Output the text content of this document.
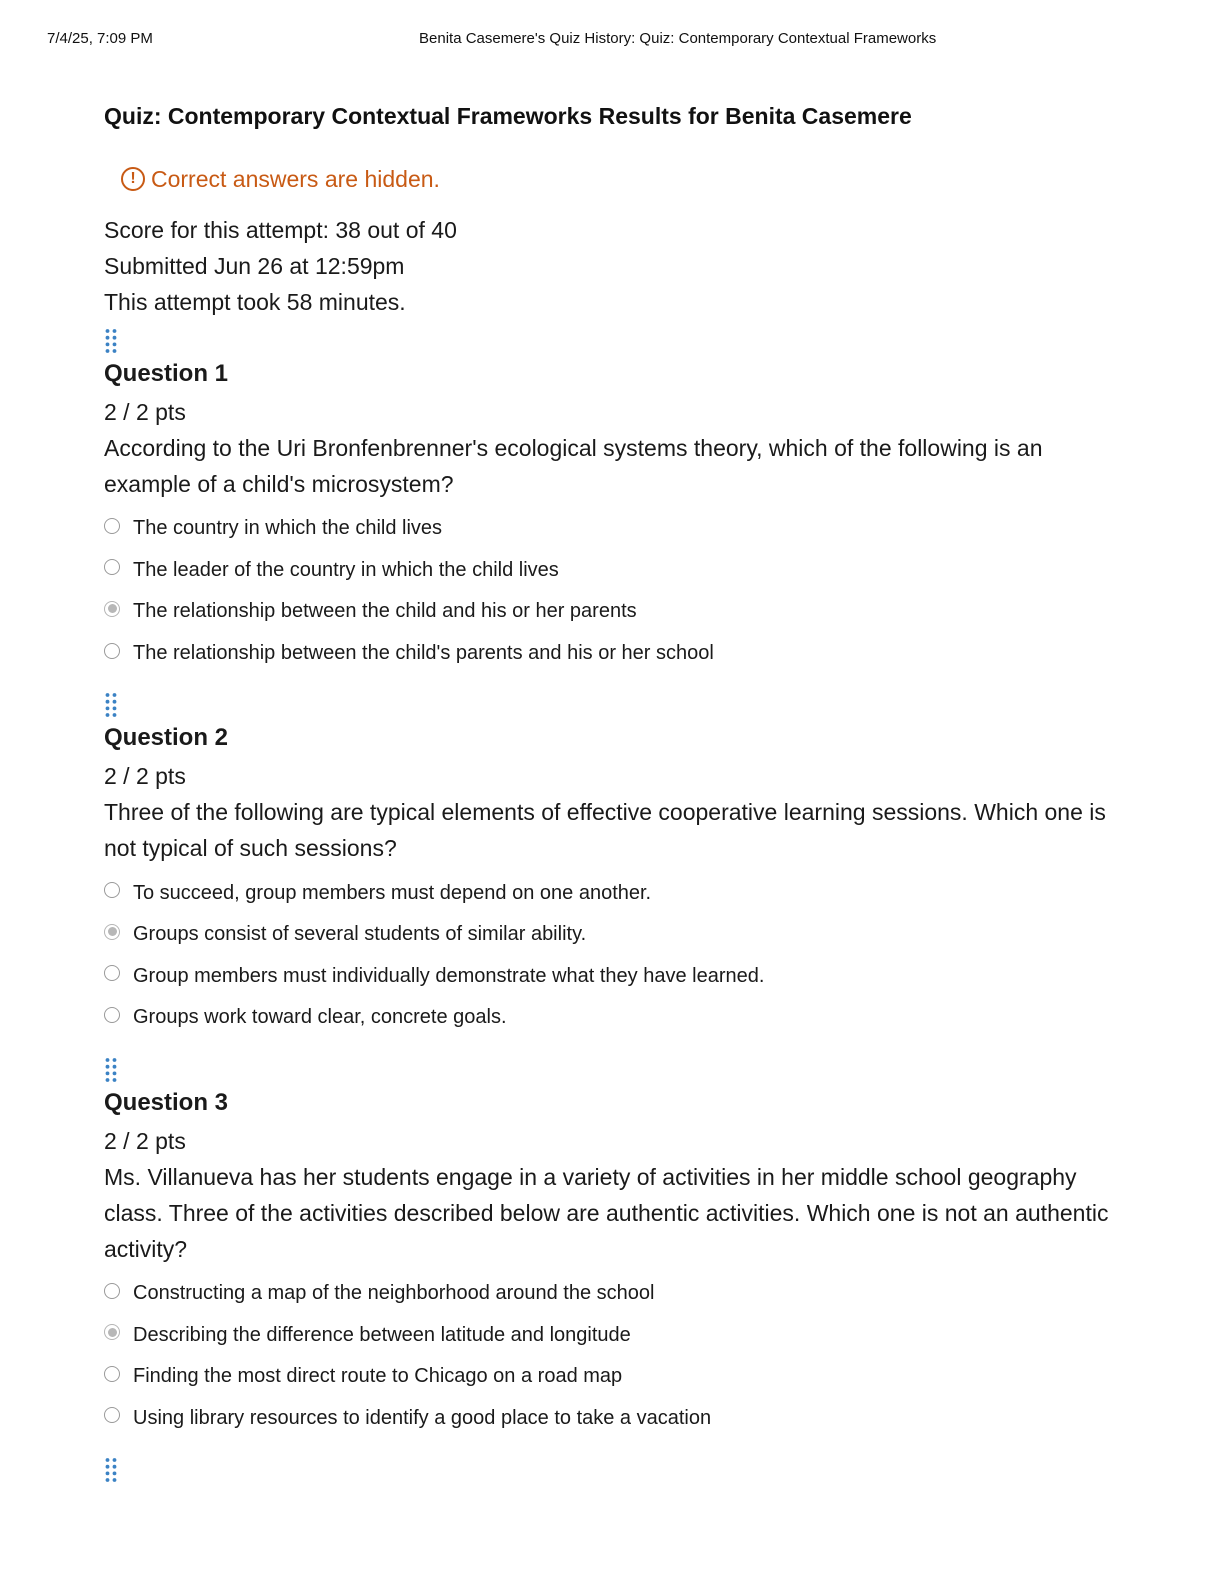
7/4/25, 7:09 PM	Benita Casemere's Quiz History: Quiz: Contemporary Contextual Frameworks
Quiz: Contemporary Contextual Frameworks Results for Benita Casemere
! Correct answers are hidden.
Score for this attempt: 38 out of 40
Submitted Jun 26 at 12:59pm
This attempt took 58 minutes.
Question 1
2 / 2 pts

According to the Uri Bronfenbrenner's ecological systems theory, which of the following is an example of a child's microsystem?

The country in which the child lives
The leader of the country in which the child lives
The relationship between the child and his or her parents
The relationship between the child's parents and his or her school
Question 2
2 / 2 pts

Three of the following are typical elements of effective cooperative learning sessions. Which one is not typical of such sessions?

To succeed, group members must depend on one another.
Groups consist of several students of similar ability.
Group members must individually demonstrate what they have learned.
Groups work toward clear, concrete goals.
Question 3
2 / 2 pts

Ms. Villanueva has her students engage in a variety of activities in her middle school geography class. Three of the activities described below are authentic activities. Which one is not an authentic activity?

Constructing a map of the neighborhood around the school
Describing the difference between latitude and longitude
Finding the most direct route to Chicago on a road map
Using library resources to identify a good place to take a vacation
